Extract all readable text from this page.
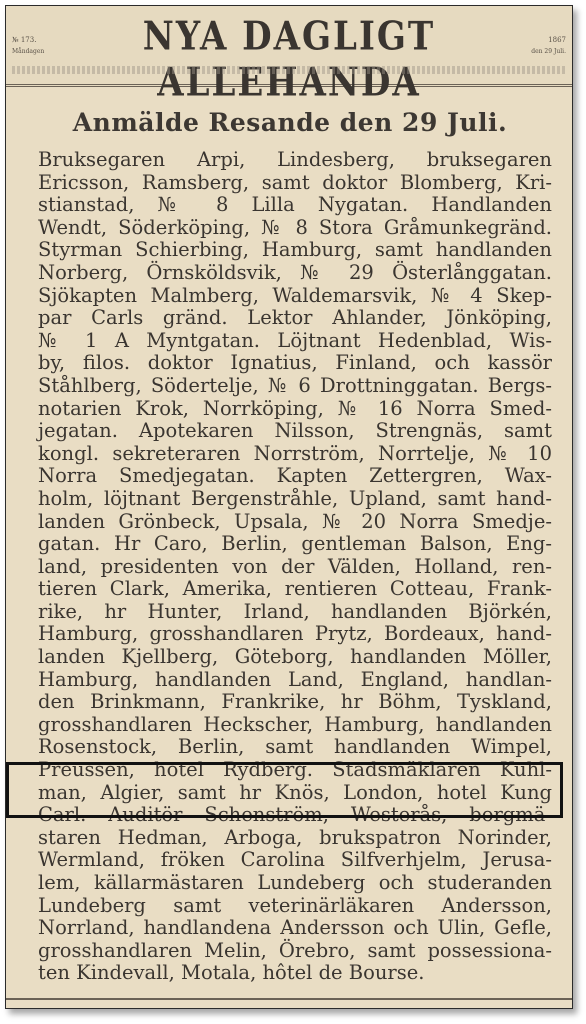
№ 173.
Måndagen	NYA DAGLIGT ALLEHANDA
1867
den 29 Juli.
Anmälde Resande den 29 Juli.
Bruksegaren Arpi, Lindesberg, bruksegaren
Ericsson, Ramsberg, samt doktor Blomberg, Kri-
stianstad, № 8 Lilla Nygatan. Handlanden
Wendt, Söderköping, № 8 Stora Gråmunkegränd.
Styrman Schierbing, Hamburg, samt handlanden
Norberg, Örnsköldsvik, № 29 Österlånggatan.
Sjökapten Malmberg, Waldemarsvik, № 4 Skep-
par Carls gränd. Lektor Ahlander, Jönköping,
№ 1 A Myntgatan. Löjtnant Hedenblad, Wis-
by, filos. doktor Ignatius, Finland, och kassör
Ståhlberg, Södertelje, № 6 Drottninggatan. Bergs-
notarien Krok, Norrköping, № 16 Norra Smed-
jegatan. Apotekaren Nilsson, Strengnäs, samt
kongl. sekreteraren Norrström, Norrtelje, № 10
Norra Smedjegatan. Kapten Zettergren, Wax-
holm, löjtnant Bergenstråhle, Upland, samt hand-
landen Grönbeck, Upsala, № 20 Norra Smedje-
gatan. Hr Caro, Berlin, gentleman Balson, Eng-
land, presidenten von der Välden, Holland, ren-
tieren Clark, Amerika, rentieren Cotteau, Frank-
rike, hr Hunter, Irland, handlanden Björkén,
Hamburg, grosshandlaren Prytz, Bordeaux, hand-
landen Kjellberg, Göteborg, handlanden Möller,
Hamburg, handlanden Land, England, handlan-
den Brinkmann, Frankrike, hr Böhm, Tyskland,
grosshandlaren Heckscher, Hamburg, handlanden
Rosenstock, Berlin, samt handlanden Wimpel,
Preussen, hotel Rydberg. Stadsmäklaren Kuhl-
man, Algier, samt hr Knös, London, hotel Kung
Carl. Auditör Schenström, Westerås, borgmä-
staren Hedman, Arboga, brukspatron Norinder,
Wermland, fröken Carolina Silfverhjelm, Jerusa-
lem, källarmästaren Lundeberg och studeranden
Lundeberg samt veterinärläkaren Andersson,
Norrland, handlandena Andersson och Ulin, Gefle,
grosshandlaren Melin, Örebro, samt possessiona-
ten Kindevall, Motala, hôtel de Bourse.
